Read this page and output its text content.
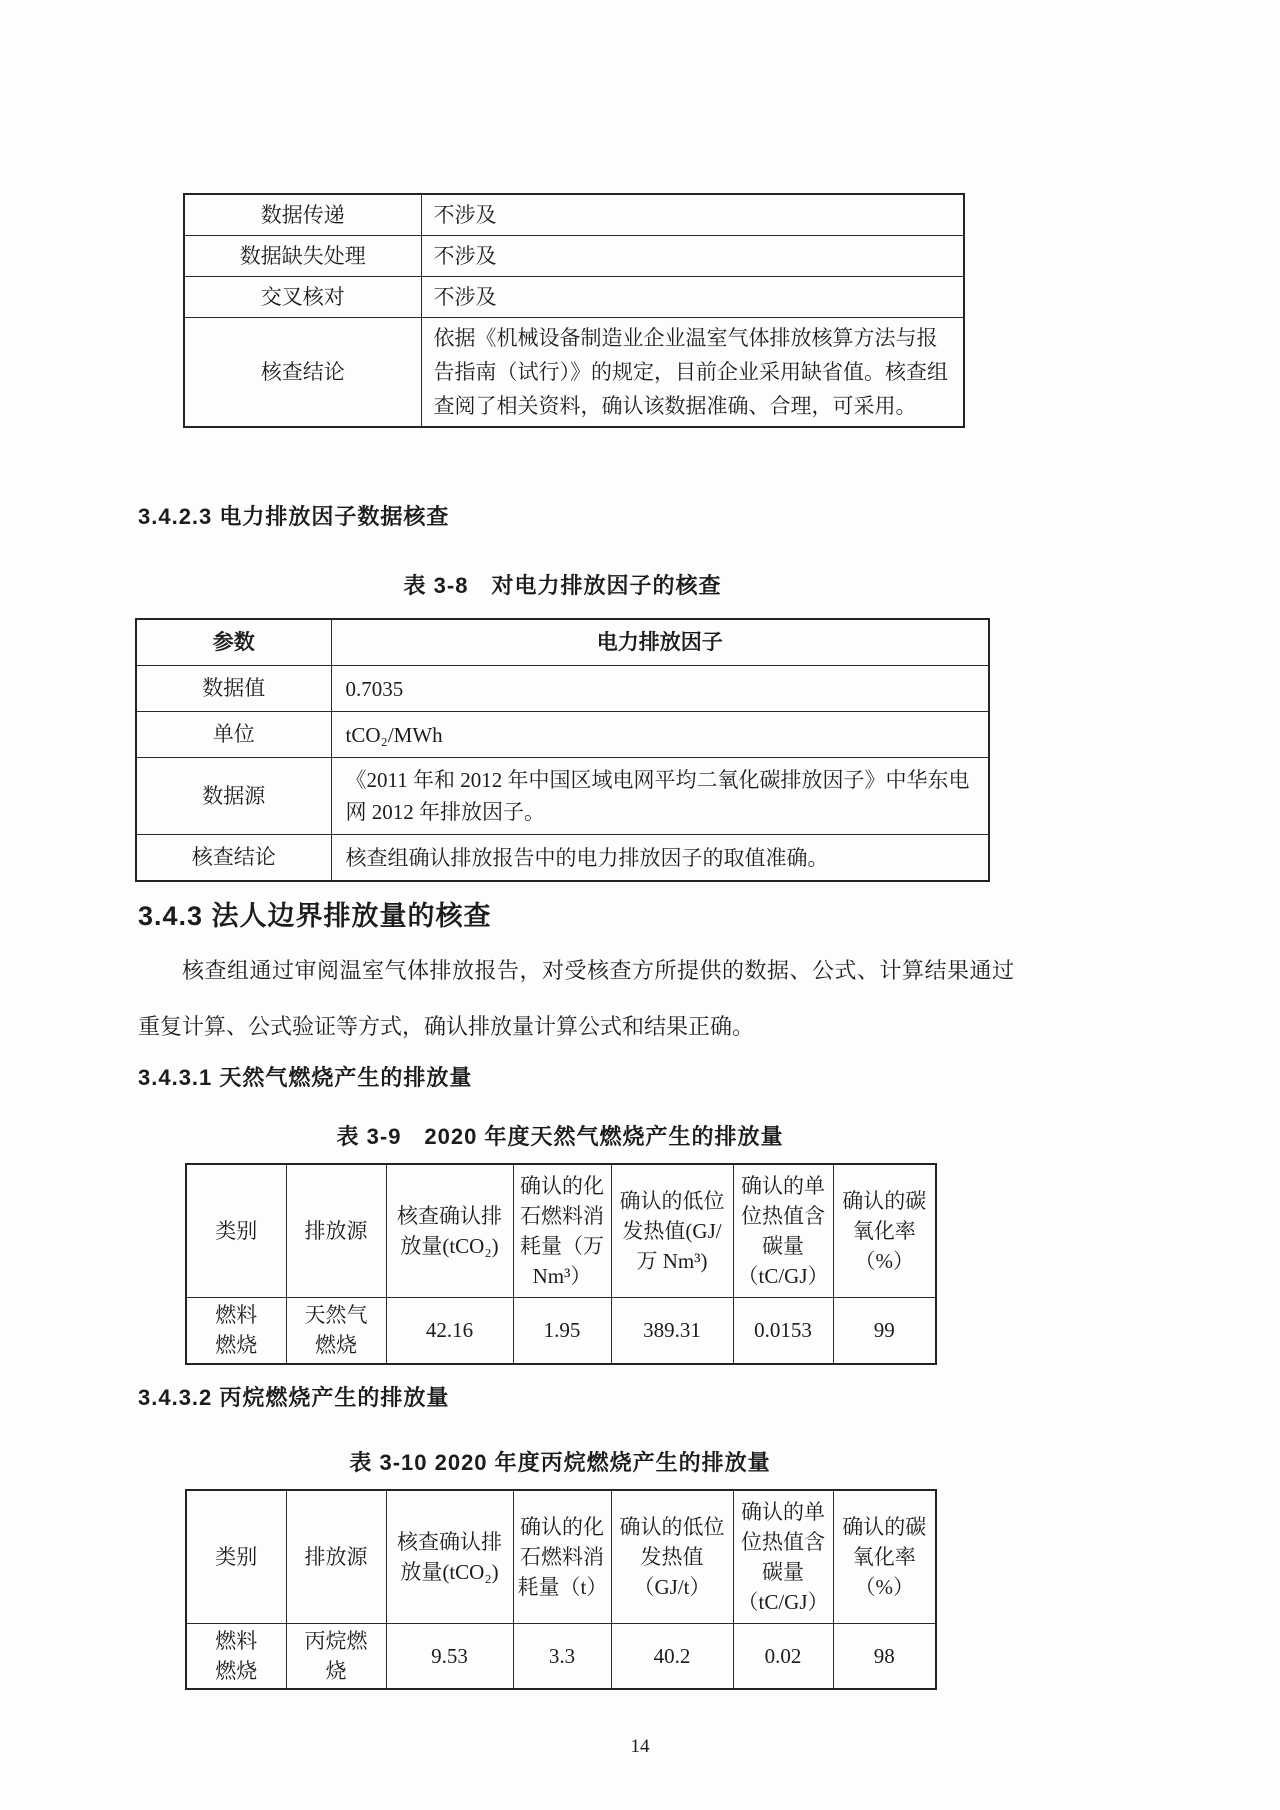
数据传递	不涉及
数据缺失处理	不涉及
交叉核对	不涉及
核查结论	依据《机械设备制造业企业温室气体排放核算方法与报告指南（试行）》的规定，目前企业采用缺省值。核查组查阅了相关资料，确认该数据准确、合理，可采用。
3.4.2.3 电力排放因子数据核查
表 3-8　对电力排放因子的核查
参数	电力排放因子
数据值	0.7035
单位	tCO₂/MWh
数据源	《2011 年和 2012 年中国区域电网平均二氧化碳排放因子》中华东电网 2012 年排放因子。
核查结论	核查组确认排放报告中的电力排放因子的取值准确。
3.4.3 法人边界排放量的核查

核查组通过审阅温室气体排放报告，对受核查方所提供的数据、公式、计算结果通过重复计算、公式验证等方式，确认排放量计算公式和结果正确。

3.4.3.1 天然气燃烧产生的排放量
表 3-9　2020 年度天然气燃烧产生的排放量
类别	排放源	核查确认排放量(tCO₂)	确认的化石燃料消耗量（万 Nm³）	确认的低位发热值(GJ/万 Nm³)	确认的单位热值含碳量（tC/GJ）	确认的碳氧化率（%）
燃料燃烧	天然气燃烧	42.16	1.95	389.31	0.0153	99
3.4.3.2 丙烷燃烧产生的排放量
表 3-10 2020 年度丙烷燃烧产生的排放量
类别	排放源	核查确认排放量(tCO₂)	确认的化石燃料消耗量（t）	确认的低位发热值（GJ/t）	确认的单位热值含碳量（tC/GJ）	确认的碳氧化率（%）
燃料燃烧	丙烷燃烧	9.53	3.3	40.2	0.02	98
14
